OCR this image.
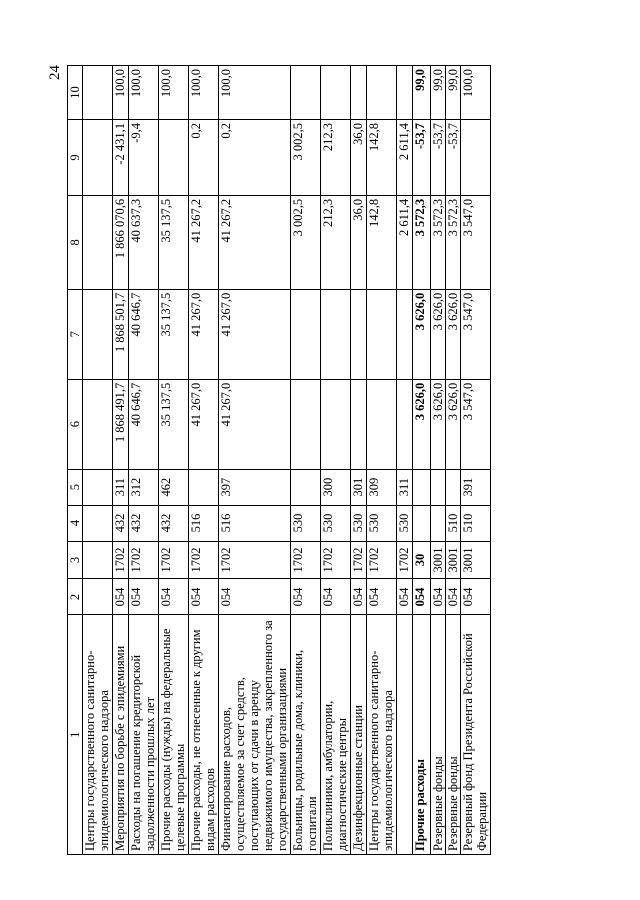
24
1	2	3	4	5	6	7	8	9	10
Центры государственного санитарно-эпидемиологического надзора									
Мероприятия по борьбе с эпидемиями	054	1702	432	311	1 868 491,7	1 868 501,7	1 866 070,6	-2 431,1	100,0
Расходы на погашение кредиторской задолженности прошлых лет	054	1702	432	312	40 646,7	40 646,7	40 637,3	-9,4	100,0
Прочие расходы (нужды) на федеральные целевые программы	054	1702	432	462	35 137,5	35 137,5	35 137,5		100,0
Прочие расходы, не отнесенные к другим видам расходов	054	1702	516		41 267,0	41 267,0	41 267,2	0,2	100,0
Финансирование расходов, осуществляемое за счет средств, поступающих от сдачи в аренду недвижимого имущества, закрепленного за государственными организациями	054	1702	516	397	41 267,0	41 267,0	41 267,2	0,2	100,0
Больницы, родильные дома, клиники, госпитали	054	1702	530				3 002,5	3 002,5	
Поликлиники, амбулатории, диагностические центры	054	1702	530	300			212,3	212,3	
Дезинфекционные станции	054	1702	530	301			36,0	36,0	
Центры государственного санитарно-эпидемиологического надзора	054	1702	530	309			142,8	142,8	
	054	1702	530	311			2 611,4	2 611,4	
Прочие расходы	054	30			3 626,0	3 626,0	3 572,3	-53,7	99,0
Резервные фонды	054	3001			3 626,0	3 626,0	3 572,3	-53,7	99,0
Резервные фонды	054	3001	510		3 626,0	3 626,0	3 572,3	-53,7	99,0
Резервный фонд Президента Российской Федерации	054	3001	510	391	3 547,0	3 547,0	3 547,0		100,0
